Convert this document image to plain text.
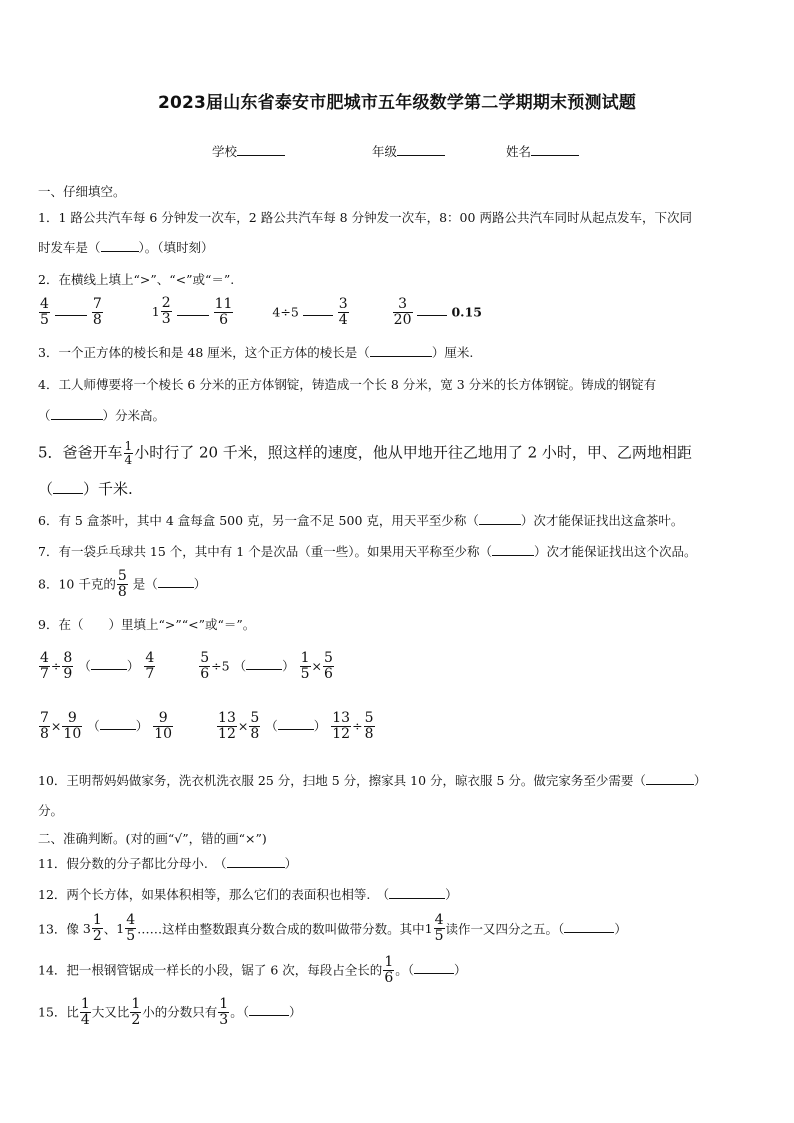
2023届山东省泰安市肥城市五年级数学第二学期期末预测试题
学校	年级	姓名
一、仔细填空。
1．1 路公共汽车每 6 分钟发一次车，2 路公共汽车每 8 分钟发一次车，8：00 两路公共汽车同时从起点发车，下次同
时发车是（	）。（填时刻）
2．在横线上填上“>”、“<”或“＝”.
$\frac{4}{5}$
	$\frac{7}{8}$
	1
2
3
	$\frac{11}{6}$	4÷5	$\frac{3}{4}$
	$\frac{3}{20}$	0.15
3．一个正方体的棱长和是 48 厘米，这个正方体的棱长是（	）厘米.
4．工人师傅要将一个棱长 6 分米的正方体钢锭，铸造成一个长 8 分米，宽 3 分米的长方体钢锭。铸成的钢锭有
（	）分米高。
5．爸爸开车 $\frac{1}{4}$ 小时行了 20 千米，照这样的速度，他从甲地开往乙地用了 2 小时，甲、乙两地相距
（ ）千米.
6．有 5 盒茶叶，其中 4 盒每盒 500 克，另一盒不足 500 克，用天平至少称（	）次才能保证找出这盒茶叶。
7．有一袋乒乓球共 15 个，其中有 1 个是次品（重一些）。如果用天平称至少称（	）次才能保证找出这个次品。
8．10 千克的 $\frac{5}{8}$ 是（	）
9．在（　　）里填上“>”“<”或“＝”。
$\frac{4}{7} \div \frac{8}{9}$ （	） $\frac{4}{7}$
	$\frac{5}{6} \div 5$ （	） $\frac{1}{5} \times \frac{5}{6}$
$\frac{7}{8} \times \frac{9}{10}$ （	） $\frac{9}{10}$
	$\frac{13}{12} \times \frac{5}{8}$ （	） $\frac{13}{12} \div \frac{5}{8}$
10．王明帮妈妈做家务，洗衣机洗衣服 25 分，扫地 5 分，擦家具 10 分，晾衣服 5 分。做完家务至少需要（	）
分。
二、准确判断。(对的画“√”，错的画“×”)
11．假分数的分子都比分母小.　（	）
12．两个长方体，如果体积相等，那么它们的表面积也相等.　（	）
13．像 3
1
2 、 1
4
5 ……这样由整数跟真分数合成的数叫做带分数。其中 1
4
5 读作一又四分之五。（	）
14．把一根钢管锯成一样长的小段，锯了 6 次，每段占全长的 $\frac{1}{6}$ 。（	）
15．比 $\frac{1}{4}$ 大又比 $\frac{1}{2}$ 小的分数只有 $\frac{1}{3}$ 。（	）
